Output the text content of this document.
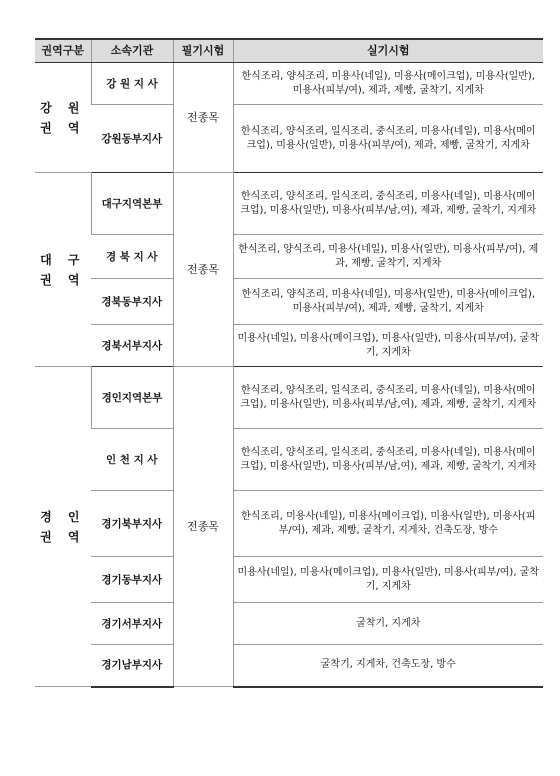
권역구분	소속기관	필기시험	실기시험
강 원
권 역	강 원 지 사	전종목	한식조리, 양식조리, 미용사(네일), 미용사(메이크업), 미용사(일반), 미용사(피부/여), 제과, 제빵, 굴착기, 지게차
	강원동부지사		한식조리, 양식조리, 일식조리, 중식조리, 미용사(네일), 미용사(메이크업), 미용사(일반), 미용사(피부/여), 제과, 제빵, 굴착기, 지게차
대 구
권 역	대구지역본부	전종목	한식조리, 양식조리, 일식조리, 중식조리, 미용사(네일), 미용사(메이크업), 미용사(일반), 미용사(피부/남,여), 제과, 제빵, 굴착기, 지게차
	경 북 지 사		한식조리, 양식조리, 미용사(네일), 미용사(일반), 미용사(피부/여), 제과, 제빵, 굴착기, 지게차
	경북동부지사		한식조리, 양식조리, 미용사(네일), 미용사(일반), 미용사(메이크업), 미용사(피부/여), 제과, 제빵, 굴착기, 지게차
	경북서부지사		미용사(네일), 미용사(메이크업), 미용사(일반), 미용사(피부/여), 굴착기, 지게차
경 인
권 역	경인지역본부	전종목	한식조리, 양식조리, 일식조리, 중식조리, 미용사(네일), 미용사(메이크업), 미용사(일반), 미용사(피부/남,여), 제과, 제빵, 굴착기, 지게차
	인 천 지 사		한식조리, 양식조리, 일식조리, 중식조리, 미용사(네일), 미용사(메이크업), 미용사(일반), 미용사(피부/남,여), 제과, 제빵, 굴착기, 지게차
	경기북부지사		한식조리, 미용사(네일), 미용사(메이크업), 미용사(일반), 미용사(피부/여), 제과, 제빵, 굴착기, 지게차, 건축도장, 방수
	경기동부지사		미용사(네일), 미용사(메이크업), 미용사(일반), 미용사(피부/여), 굴착기, 지게차
	경기서부지사		굴착기, 지게차
	경기남부지사		굴착기, 지게차, 건축도장, 방수
